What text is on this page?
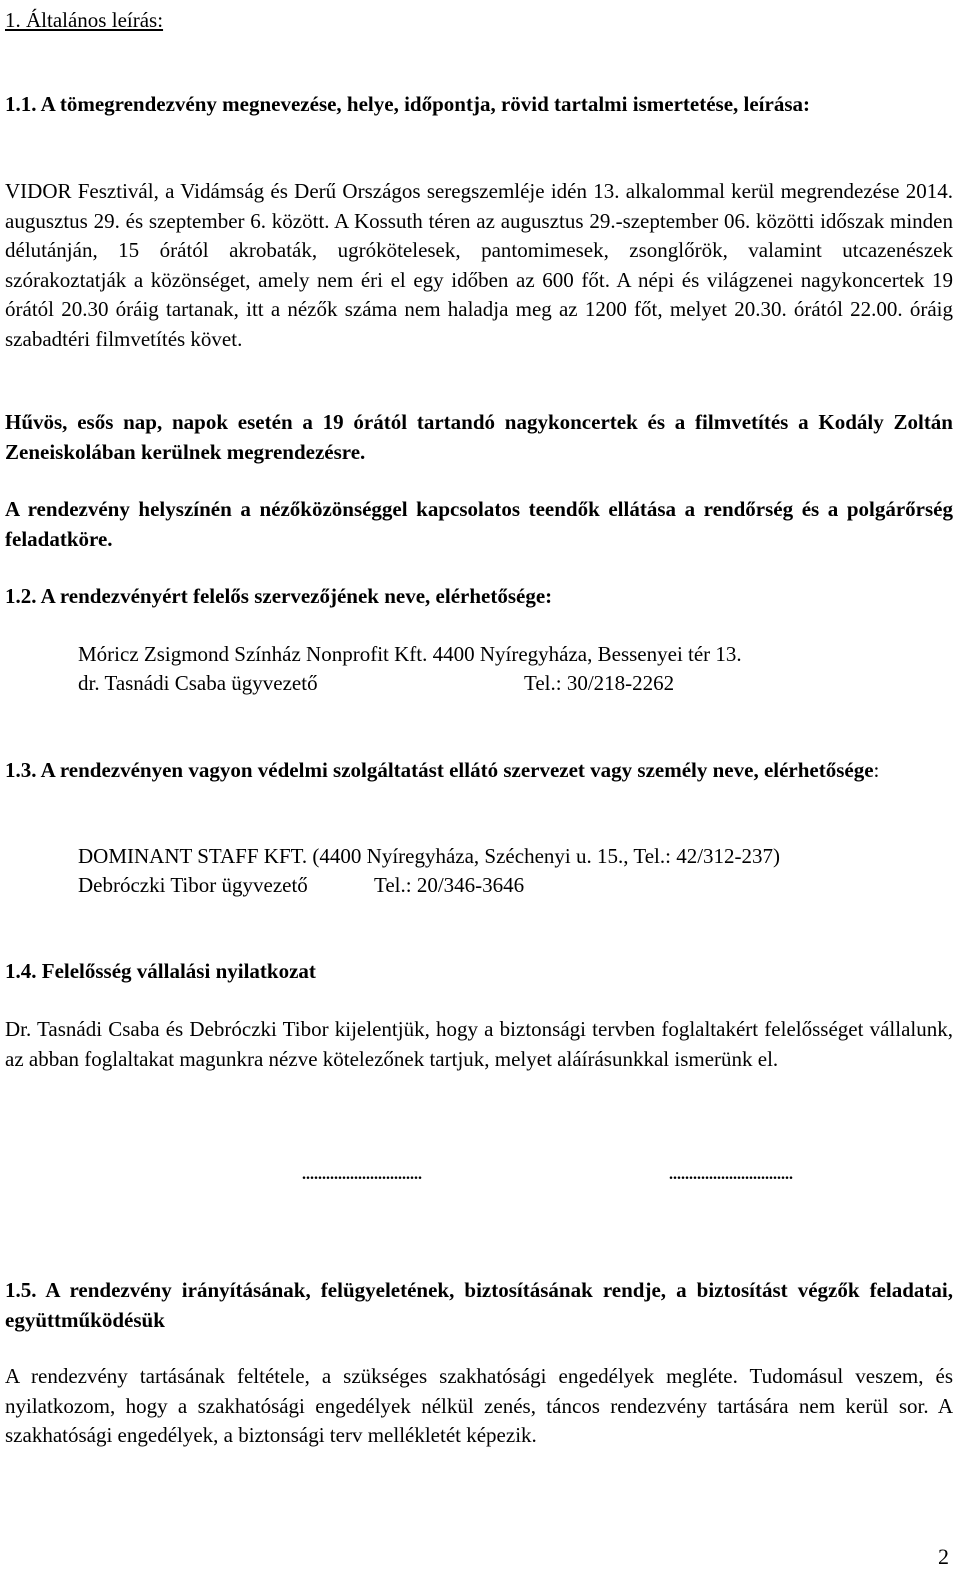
1. Általános leírás:
1.1. A tömegrendezvény megnevezése, helye, időpontja, rövid tartalmi ismertetése, leírása:
VIDOR Fesztivál, a Vidámság és Derű Országos seregszemléje idén 13. alkalommal kerül megrendezése 2014. augusztus 29. és szeptember 6. között. A Kossuth téren az augusztus 29.-szeptember 06. közötti időszak minden délutánján, 15 órától akrobaták, ugrókötelesek, pantomimesek, zsonglőrök, valamint utcazenészek szórakoztatják a közönséget, amely nem éri el egy időben az 600 főt. A népi és világzenei nagykoncertek 19 órától 20.30 óráig tartanak, itt a nézők száma nem haladja meg az 1200 főt, melyet 20.30. órától 22.00. óráig szabadtéri filmvetítés követ.
Hűvös, esős nap, napok esetén a 19 órától tartandó nagykoncertek és a filmvetítés a Kodály Zoltán Zeneiskolában kerülnek megrendezésre.
A rendezvény helyszínén a nézőközönséggel kapcsolatos teendők ellátása a rendőrség és a polgárőrség feladatköre.
1.2. A rendezvényért felelős szervezőjének neve, elérhetősége:
Móricz Zsigmond Színház Nonprofit Kft. 4400 Nyíregyháza, Bessenyei tér 13.
dr. Tasnádi Csaba ügyvezető	Tel.: 30/218-2262
1.3. A rendezvényen vagyon védelmi szolgáltatást ellátó szervezet vagy személy neve, elérhetősége:
DOMINANT STAFF KFT. (4400 Nyíregyháza, Széchenyi u. 15., Tel.: 42/312-237)
Debróczki Tibor ügyvezető	Tel.: 20/346-3646
1.4. Felelősség vállalási nyilatkozat
Dr. Tasnádi Csaba és Debróczki Tibor kijelentjük, hogy a biztonsági tervben foglaltakért felelősséget vállalunk, az abban foglaltakat magunkra nézve kötelezőnek tartjuk, melyet aláírásunkkal ismerünk el.
..............................	...............................
1.5. A rendezvény irányításának, felügyeletének, biztosításának rendje, a biztosítást végzők feladatai, együttműködésük
A rendezvény tartásának feltétele, a szükséges szakhatósági engedélyek megléte. Tudomásul veszem, és nyilatkozom, hogy a szakhatósági engedélyek nélkül zenés, táncos rendezvény tartására nem kerül sor. A szakhatósági engedélyek, a biztonsági terv mellékletét képezik.
2
